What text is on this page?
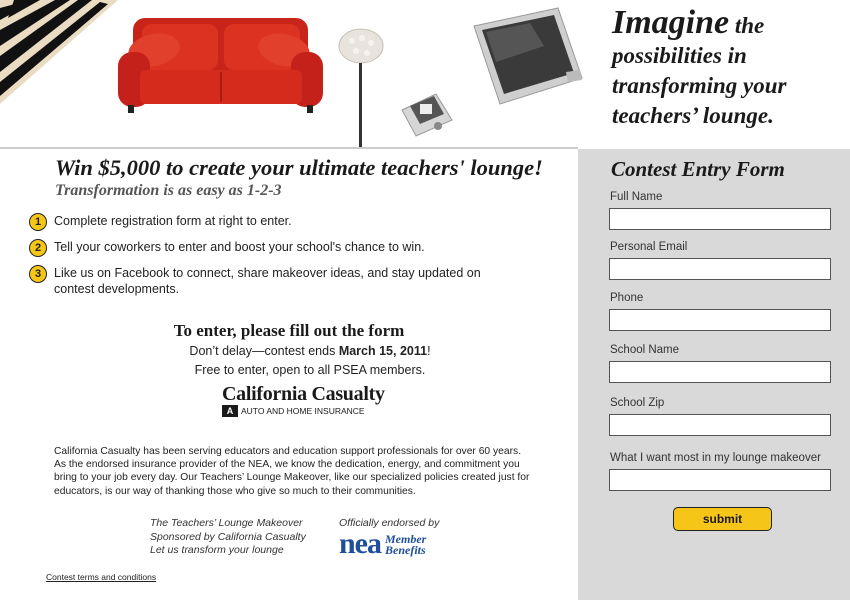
Imagine the possibilities in transforming your teachers’ lounge.
Win $5,000 to create your ultimate teachers' lounge!
Transformation is as easy as 1-2-3
1	Complete registration form at right to enter.
2	Tell your coworkers to enter and boost your school's chance to win.
3	Like us on Facebook to connect, share makeover ideas, and stay updated on contest developments.
To enter, please fill out the form
Don’t delay—contest ends March 15, 2011!
Free to enter, open to all PSEA members.
California Casualty
A AUTO AND HOME INSURANCE

California Casualty has been serving educators and education support professionals for over 60 years. As the endorsed insurance provider of the NEA, we know the dedication, energy, and commitment you bring to your job every day. Our Teachers’ Lounge Makeover, like our specialized policies created just for educators, is our way of thanking those who give so much to their communities.

The Teachers’ Lounge Makeover
Sponsored by California Casualty
Let us transform your lounge
Officially endorsed by
nea Member
Benefits
Contest terms and conditions
Contest Entry Form
Full Name
Personal Email
Phone
School Name
School Zip
What I want most in my lounge makeover
submit
